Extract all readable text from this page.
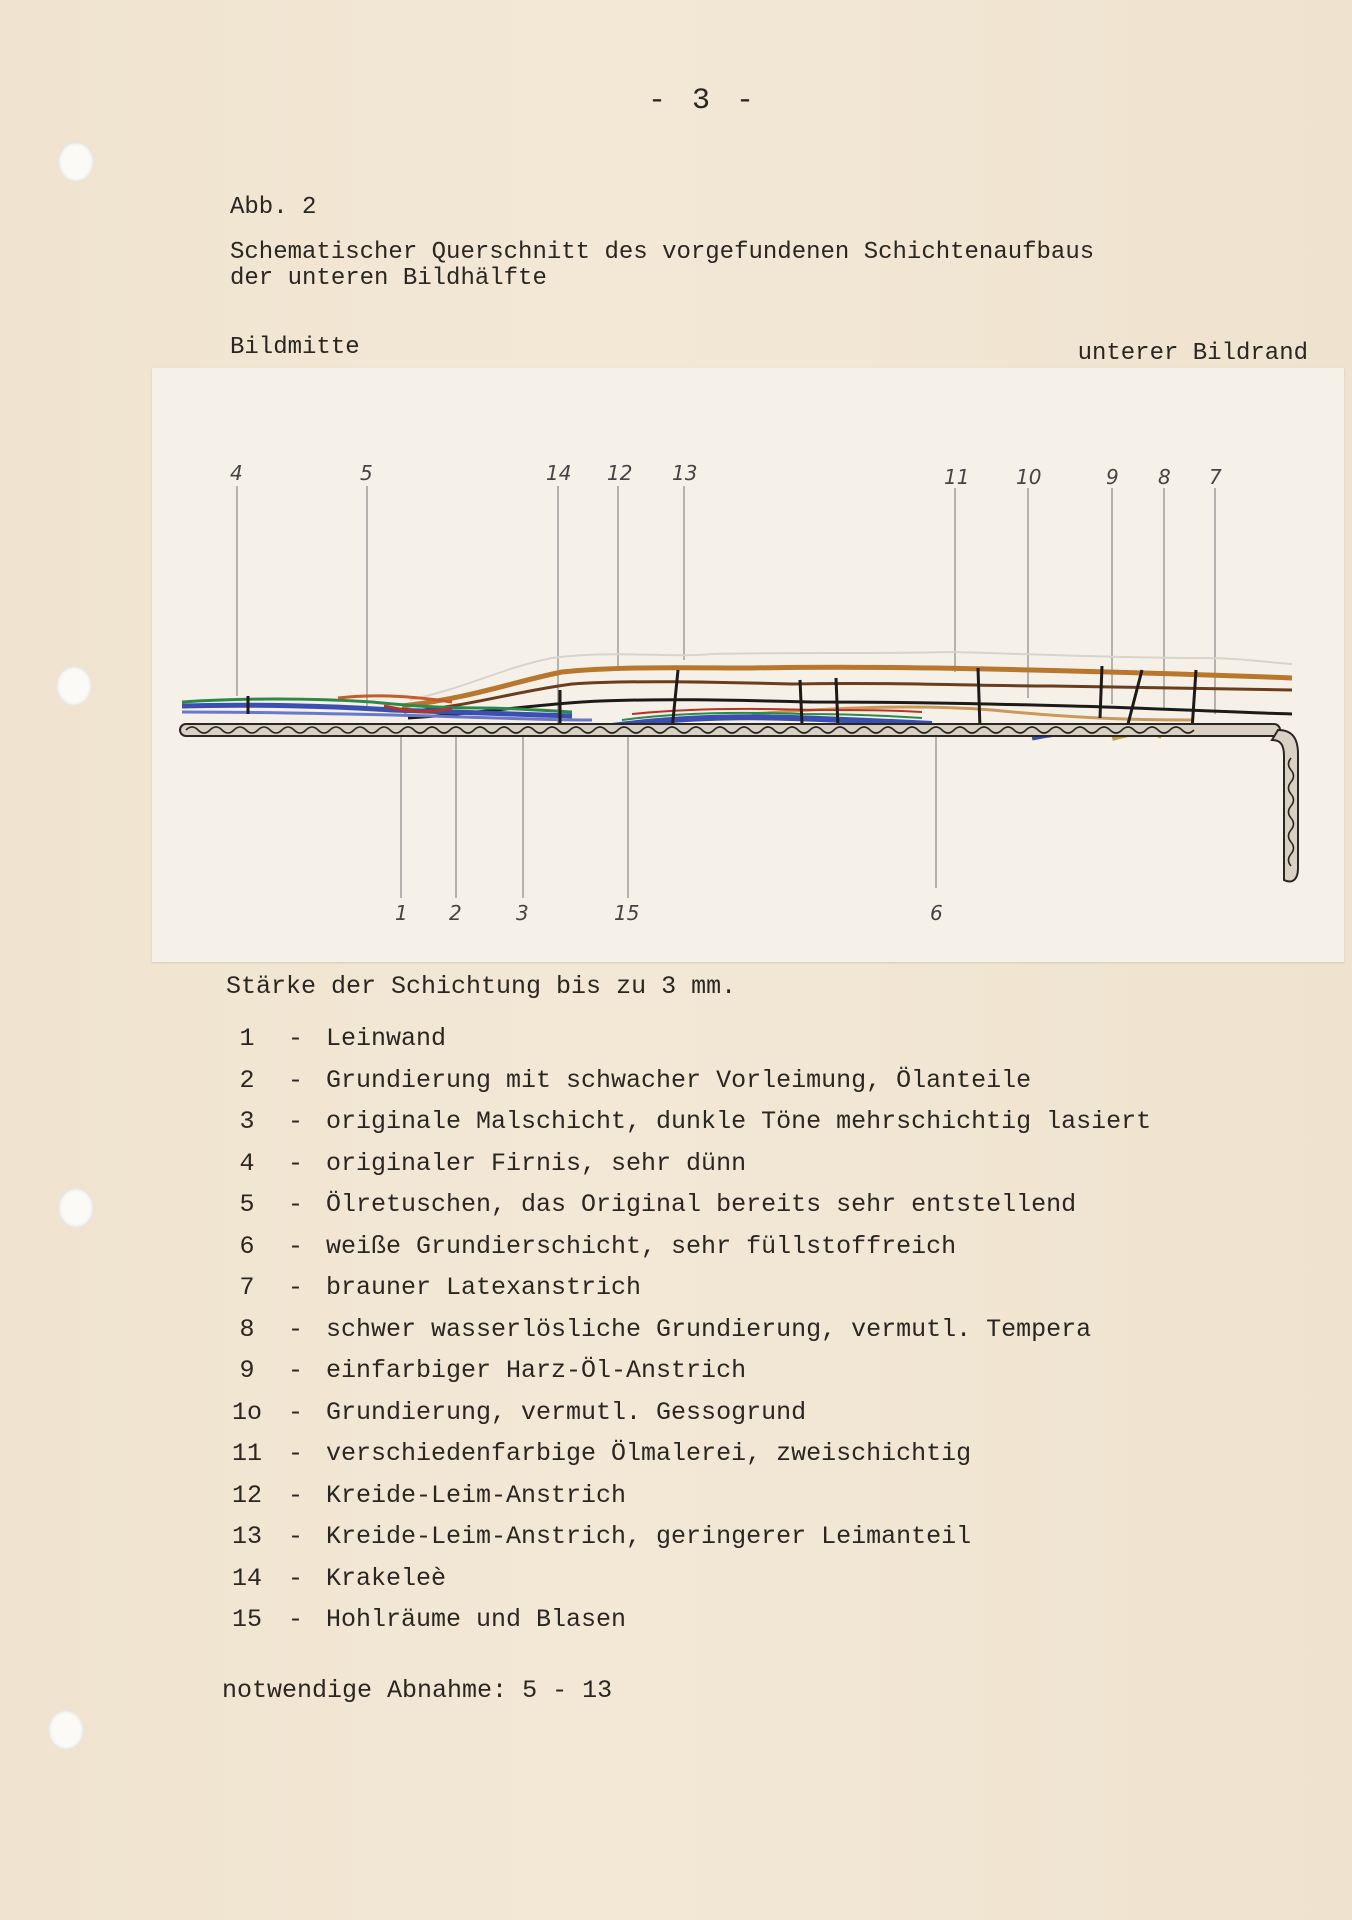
- 3 -
Abb. 2
Schematischer Querschnitt des vorgefundenen Schichtenaufbaus
der unteren Bildhälfte
Bildmitte	unterer Bildrand
4	5	14 12 13	11 10	9 8 7
1 2	3	15	6
Stärke der Schichtung bis zu 3 mm.
1	- Leinwand
2	- Grundierung mit schwacher Vorleimung, Ölanteile
3	- originale Malschicht, dunkle Töne mehrschichtig lasiert
4	- originaler Firnis, sehr dünn
5	- Ölretuschen, das Original bereits sehr entstellend
6	- weiße Grundierschicht, sehr füllstoffreich
7	- brauner Latexanstrich
8	- schwer wasserlösliche Grundierung, vermutl. Tempera
9	- einfarbiger Harz-Öl-Anstrich
1o	- Grundierung, vermutl. Gessogrund
11	- verschiedenfarbige Ölmalerei, zweischichtig
12	- Kreide-Leim-Anstrich
13	- Kreide-Leim-Anstrich, geringerer Leimanteil
14	- Krakeleè
15	- Hohlräume und Blasen
notwendige Abnahme: 5 - 13
